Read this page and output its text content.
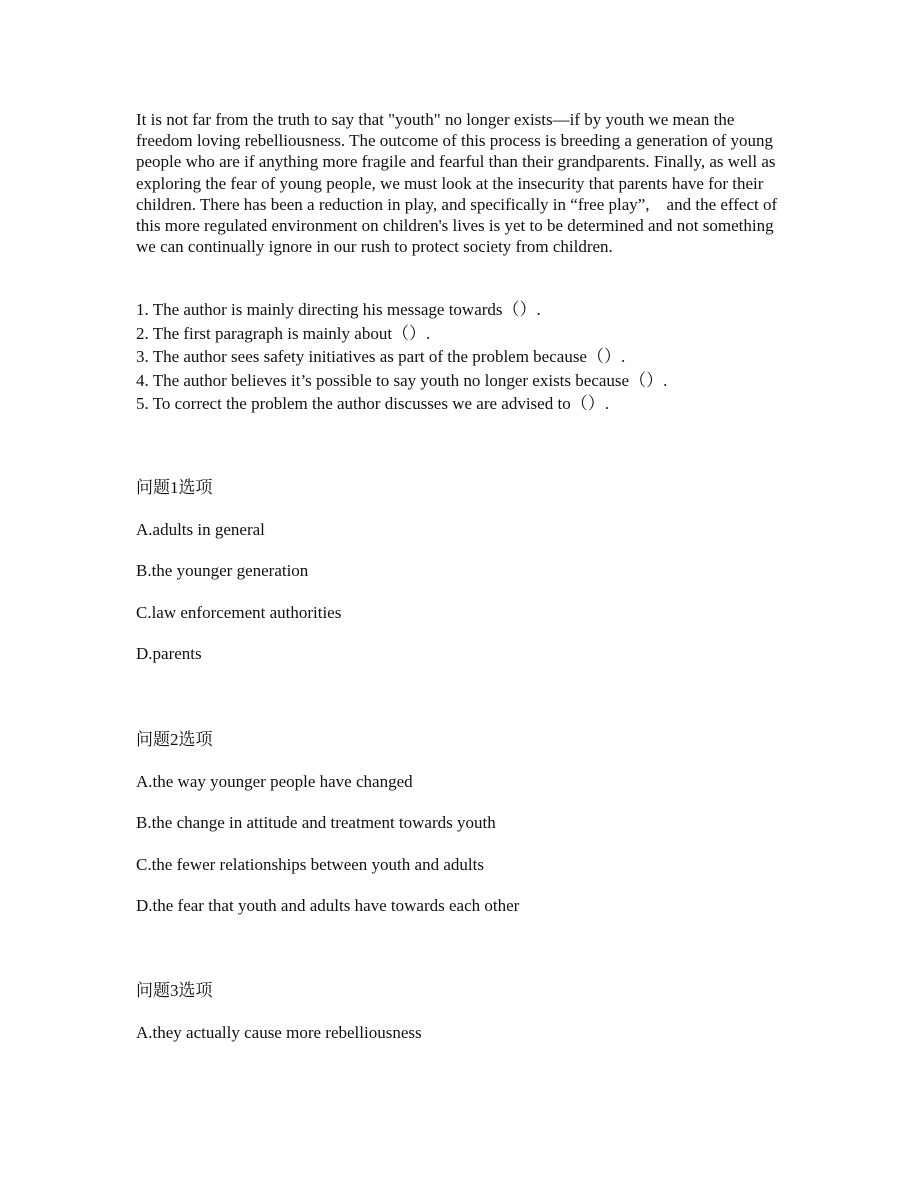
It is not far from the truth to say that "youth" no longer exists—if by youth we mean the freedom loving rebelliousness. The outcome of this process is breeding a generation of young people who are if anything more fragile and fearful than their grandparents. Finally, as well as exploring the fear of young people, we must look at the insecurity that parents have for their children. There has been a reduction in play, and specifically in “free play”,　and the effect of this more regulated environment on children's lives is yet to be determined and not something we can continually ignore in our rush to protect society from children.

1. The author is mainly directing his message towards（）.
2. The first paragraph is mainly about（）.
3. The author sees safety initiatives as part of the problem because（）.
4. The author believes it’s possible to say youth no longer exists because（）.
5. To correct the problem the author discusses we are advised to（）.
问题1选项
A.adults in general
B.the younger generation
C.law enforcement authorities
D.parents
问题2选项
A.the way younger people have changed
B.the change in attitude and treatment towards youth
C.the fewer relationships between youth and adults
D.the fear that youth and adults have towards each other
问题3选项
A.they actually cause more rebelliousness
